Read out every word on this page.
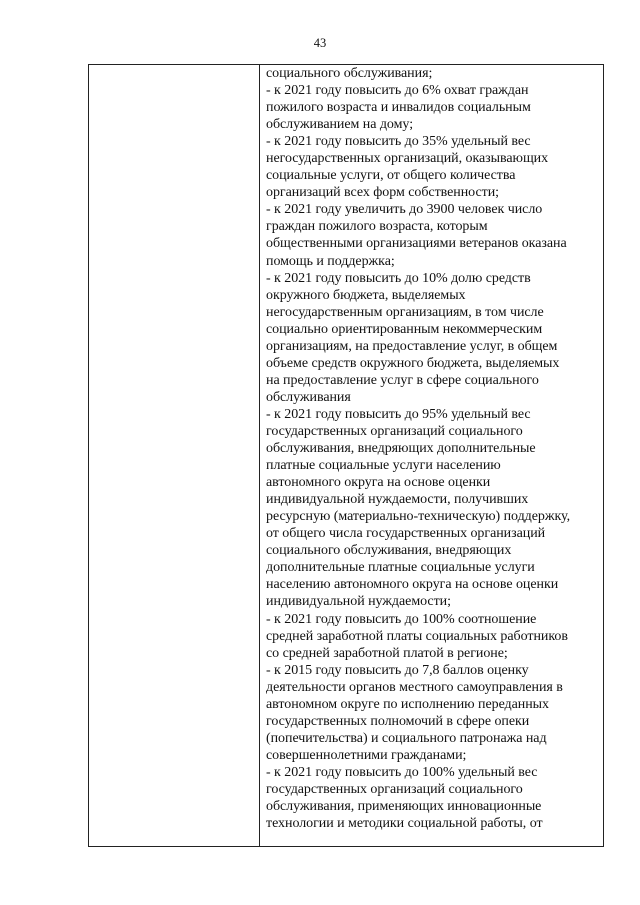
43
социального обслуживания;
- к 2021 году повысить до 6% охват граждан
пожилого возраста и инвалидов социальным
обслуживанием на дому;
- к 2021 году повысить до 35% удельный вес
негосударственных организаций, оказывающих
социальные услуги, от общего количества
организаций всех форм собственности;
- к 2021 году увеличить до 3900 человек число
граждан пожилого возраста, которым
общественными организациями ветеранов оказана
помощь и поддержка;
- к 2021 году повысить до 10% долю средств
окружного бюджета, выделяемых
негосударственным организациям, в том числе
социально ориентированным некоммерческим
организациям, на предоставление услуг, в общем
объеме средств окружного бюджета, выделяемых
на предоставление услуг в сфере социального
обслуживания
- к 2021 году повысить до 95% удельный вес
государственных организаций социального
обслуживания, внедряющих дополнительные
платные социальные услуги населению
автономного округа на основе оценки
индивидуальной нуждаемости, получивших
ресурсную (материально-техническую) поддержку,
от общего числа государственных организаций
социального обслуживания, внедряющих
дополнительные платные социальные услуги
населению автономного округа на основе оценки
индивидуальной нуждаемости;
- к 2021 году повысить до 100% соотношение
средней заработной платы социальных работников
со средней заработной платой в регионе;
- к 2015 году повысить до 7,8 баллов оценку
деятельности органов местного самоуправления в
автономном округе по исполнению переданных
государственных полномочий в сфере опеки
(попечительства) и социального патронажа над
совершеннолетними гражданами;
- к 2021 году повысить до 100% удельный вес
государственных организаций социального
обслуживания, применяющих инновационные
технологии и методики социальной работы, от
